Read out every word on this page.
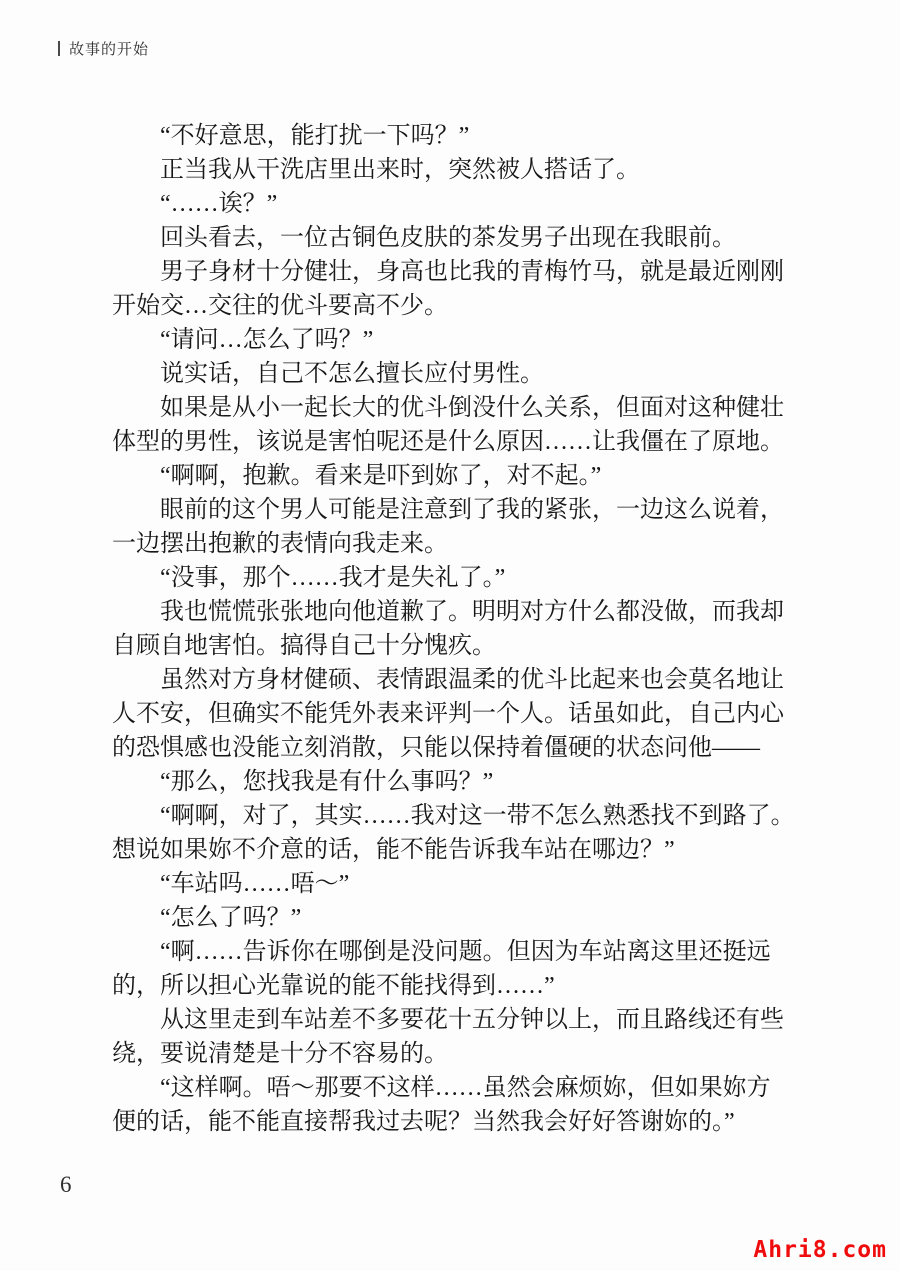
故事的开始
“不好意思，能打扰一下吗？”
正当我从干洗店里出来时，突然被人搭话了。
“……诶？”
回头看去，一位古铜色皮肤的茶发男子出现在我眼前。
男子身材十分健壮，身高也比我的青梅竹马，就是最近刚刚
开始交…交往的优斗要高不少。
“请问…怎么了吗？”
说实话，自己不怎么擅长应付男性。
如果是从小一起长大的优斗倒没什么关系，但面对这种健壮
体型的男性，该说是害怕呢还是什么原因……让我僵在了原地。
“啊啊，抱歉。看来是吓到妳了，对不起。”
眼前的这个男人可能是注意到了我的紧张，一边这么说着，
一边摆出抱歉的表情向我走来。
“没事，那个……我才是失礼了。”
我也慌慌张张地向他道歉了。明明对方什么都没做，而我却
自顾自地害怕。搞得自己十分愧疚。
虽然对方身材健硕、表情跟温柔的优斗比起来也会莫名地让
人不安，但确实不能凭外表来评判一个人。话虽如此，自己内心
的恐惧感也没能立刻消散，只能以保持着僵硬的状态问他——
“那么，您找我是有什么事吗？”
“啊啊，对了，其实……我对这一带不怎么熟悉找不到路了。
想说如果妳不介意的话，能不能告诉我车站在哪边？”
“车站吗……唔～”
“怎么了吗？”
“啊……告诉你在哪倒是没问题。但因为车站离这里还挺远
的，所以担心光靠说的能不能找得到……”
从这里走到车站差不多要花十五分钟以上，而且路线还有些
绕，要说清楚是十分不容易的。
“这样啊。唔～那要不这样……虽然会麻烦妳，但如果妳方
便的话，能不能直接帮我过去呢？当然我会好好答谢妳的。”
6
Ahri8.com
